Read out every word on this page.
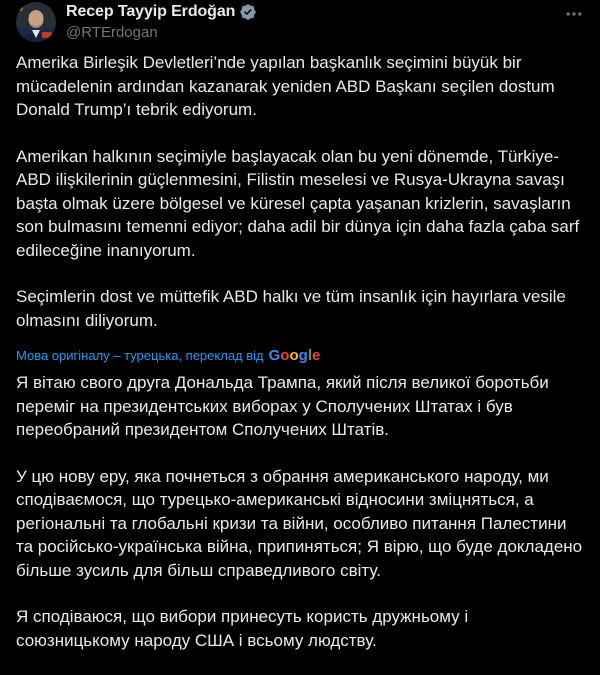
Recep Tayyip Erdoğan
@RTErdogan

Amerika Birleşik Devletleri’nde yapılan başkanlık seçimini büyük bir mücadelenin ardından kazanarak yeniden ABD Başkanı seçilen dostum Donald Trump’ı tebrik ediyorum.

Amerikan halkının seçimiyle başlayacak olan bu yeni dönemde, Türkiye-ABD ilişkilerinin güçlenmesini, Filistin meselesi ve Rusya-Ukrayna savaşı başta olmak üzere bölgesel ve küresel çapta yaşanan krizlerin, savaşların son bulmasını temenni ediyor; daha adil bir dünya için daha fazla çaba sarf edileceğine inanıyorum.

Seçimlerin dost ve müttefik ABD halkı ve tüm insanlık için hayırlara vesile olmasını diliyorum.

Мова оригіналу – турецька, переклад від Google

Я вітаю свого друга Дональда Трампа, який після великої боротьби переміг на президентських виборах у Сполучених Штатах і був переобраний президентом Сполучених Штатів.

У цю нову еру, яка почнеться з обрання американського народу, ми сподіваємося, що турецько-американські відносини зміцняться, а регіональні та глобальні кризи та війни, особливо питання Палестини та російсько-українська війна, припиняться; Я вірю, що буде докладено більше зусиль для більш справедливого світу.

Я сподіваюся, що вибори принесуть користь дружньому і союзницькому народу США і всьому людству.
